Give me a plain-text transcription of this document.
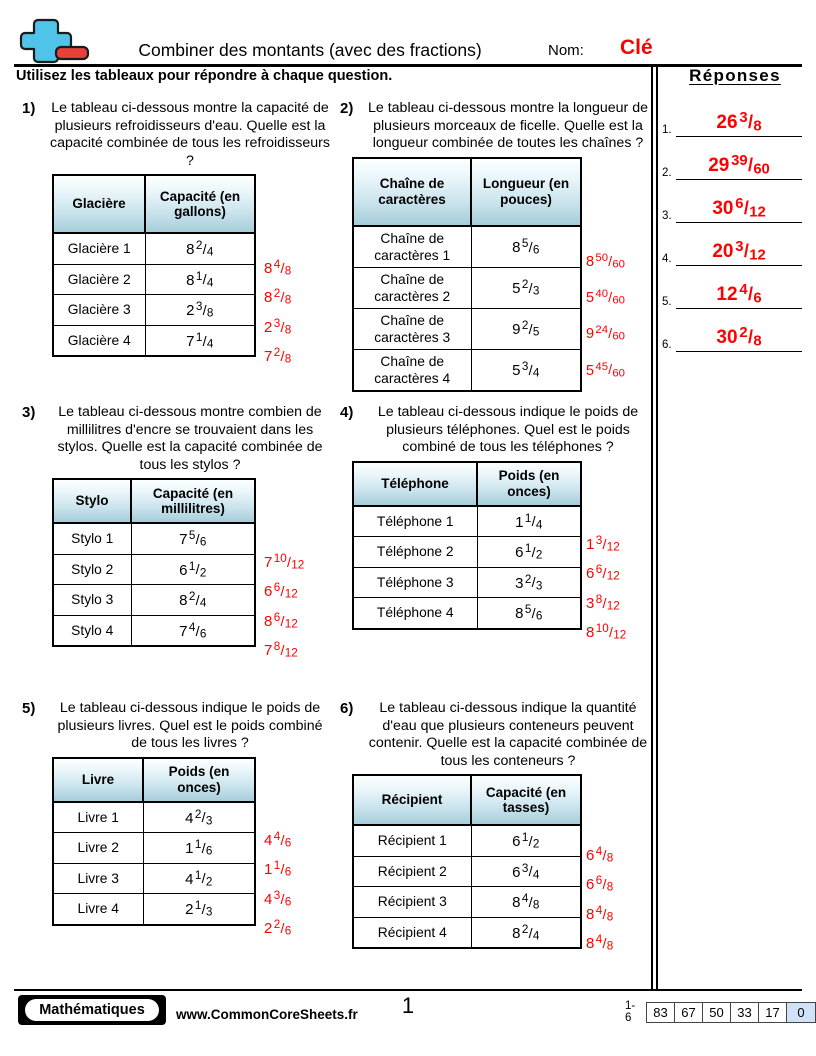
Combiner des montants (avec des fractions)	Nom: Clé
Utilisez les tableaux pour répondre à chaque question.	Réponses
1.	26 $^3$/8
2.	29 $^{39}$/60
3.	30 $^6$/12
4.	20 $^3$/12
5.	12 $^4$/6
6.	30 $^2$/8
1) Le tableau ci-dessous montre la capacité de plusieurs refroidisseurs d'eau. Quelle est la capacité combinée de tous les refroidisseurs ?
Glacière	Capacité (en gallons)
Glacière 1	$8^2/4$
Glacière 2	$8^1/4$
Glacière 3	$2^3/8$
Glacière 4	$7^1/4$
$8^4/8$
$8^2/8$
$2^3/8$
$7^2/8$
2) Le tableau ci-dessous montre la longueur de plusieurs morceaux de ficelle. Quelle est la longueur combinée de toutes les chaînes ?
Chaîne de caractères	Longueur (en pouces)
Chaîne de caractères 1	$8^5/6$
Chaîne de caractères 2	$5^2/3$
Chaîne de caractères 3	$9^2/5$
Chaîne de caractères 4	$5^3/4$
$8^{50}/60$
$5^{40}/60$
$9^{24}/60$
$5^{45}/60$
3)	Le tableau ci-dessous montre combien de millilitres d'encre se trouvaient dans les stylos. Quelle est la capacité combinée de tous les stylos ?
Stylo	Capacité (en millilitres)
Stylo 1	$7^5/6$
Stylo 2	$6^1/2$
Stylo 3	$8^2/4$
Stylo 4	$7^4/6$
$7^{10}/12$
$6^6/12$
$8^6/12$
$7^8/12$
4)	Le tableau ci-dessous indique le poids de plusieurs téléphones. Quel est le poids combiné de tous les téléphones ?
Téléphone	Poids (en onces)
Téléphone 1	$1^1/4$
Téléphone 2	$6^1/2$
Téléphone 3	$3^2/3$
Téléphone 4	$8^5/6$
$1^3/12$
$6^6/12$
$3^8/12$
$8^{10}/12$
5)	Le tableau ci-dessous indique le poids de plusieurs livres. Quel est le poids combiné de tous les livres ?
Livre	Poids (en onces)
Livre 1	$4^2/3$
Livre 2	$1^1/6$
Livre 3	$4^1/2$
Livre 4	$2^1/3$
$4^4/6$
$1^1/6$
$4^3/6$
$2^2/6$
6)	Le tableau ci-dessous indique la quantité d'eau que plusieurs conteneurs peuvent contenir. Quelle est la capacité combinée de tous les conteneurs ?
Récipient	Capacité (en tasses)
Récipient 1	$6^1/2$
Récipient 2	$6^3/4$
Récipient 3	$8^4/8$
Récipient 4	$8^2/4$
$6^4/8$
$6^6/8$
$8^4/8$
$8^4/8$
Mathématiques	www.CommonCoreSheets.fr	1	1-6	83	67	50	33	17	0
